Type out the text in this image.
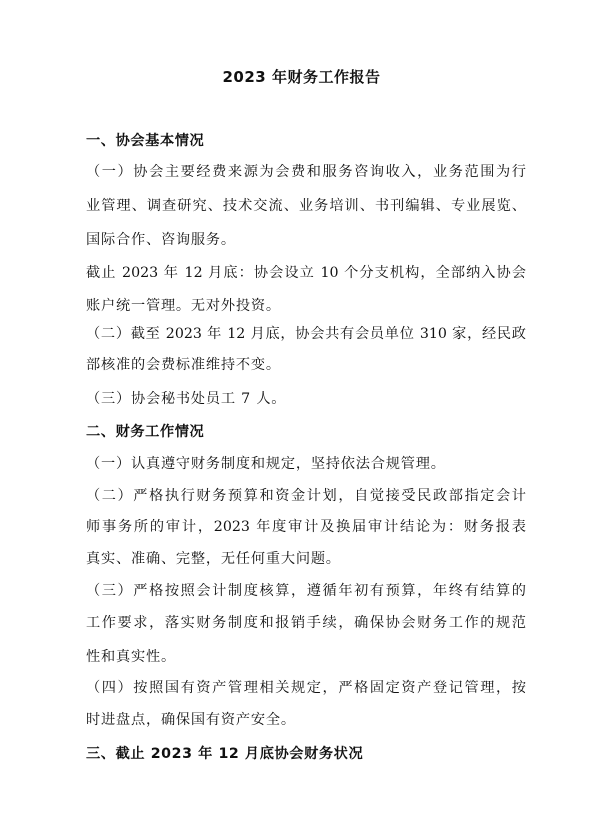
2023 年财务工作报告
一、协会基本情况
（一）协会主要经费来源为会费和服务咨询收入，业务范围为行
业管理、调查研究、技术交流、业务培训、书刊编辑、专业展览、
国际合作、咨询服务。
截止 2023 年 12 月底：协会设立 10 个分支机构，全部纳入协会
账户统一管理。无对外投资。
（二）截至 2023 年 12 月底，协会共有会员单位 310 家，经民政
部核准的会费标准维持不变。
（三）协会秘书处员工 7 人。
二、财务工作情况
（一）认真遵守财务制度和规定，坚持依法合规管理。
（二）严格执行财务预算和资金计划，自觉接受民政部指定会计
师事务所的审计，2023 年度审计及换届审计结论为：财务报表
真实、准确、完整，无任何重大问题。
（三）严格按照会计制度核算，遵循年初有预算，年终有结算的
工作要求，落实财务制度和报销手续，确保协会财务工作的规范
性和真实性。
（四）按照国有资产管理相关规定，严格固定资产登记管理，按
时进盘点，确保国有资产安全。
三、截止 2023 年 12 月底协会财务状况
